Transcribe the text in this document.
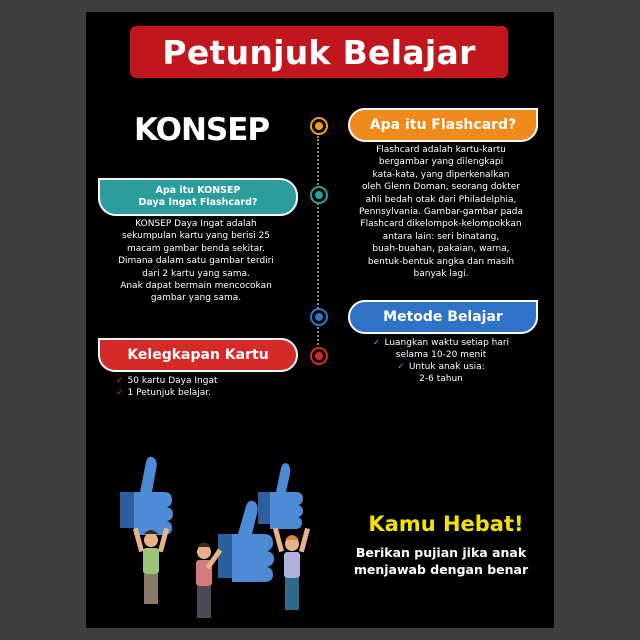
Petunjuk Belajar
KONSEP	Apa itu Flashcard?
Flashcard adalah kartu-kartu
bergambar yang dilengkapi
kata-kata, yang diperkenalkan
oleh Glenn Doman, seorang dokter
ahli bedah otak dari Philadelphia,
Pennsylvania. Gambar-gambar pada
Flashcard dikelompok-kelompokkan
antara lain: seri binatang,
buah-buahan, pakaian, warna,
bentuk-bentuk angka dan masih
banyak lagi.
Apa itu KONSEP
Daya Ingat Flashcard?
KONSEP Daya Ingat adalah
sekumpulan kartu yang berisi 25
macam gambar benda sekitar.
Dimana dalam satu gambar terdiri
dari 2 kartu yang sama.
Anak dapat bermain mencocokan
gambar yang sama.
Metode Belajar
✓ Luangkan waktu setiap hari
selama 10-20 menit
✓ Untuk anak usia:
2-6 tahun
Kelegkapan Kartu
✓ 50 kartu Daya Ingat
✓ 1 Petunjuk belajar.
Kamu Hebat!
Berikan pujian jika anak
menjawab dengan benar
